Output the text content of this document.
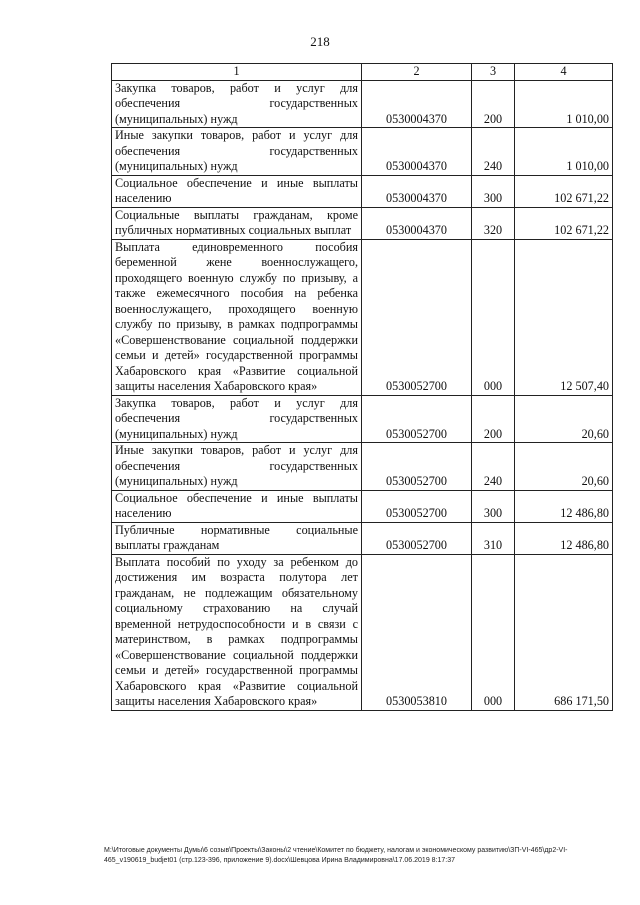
218
1	2	3	4
Закупка товаров, работ и услуг для обеспечения государственных (муниципальных) нужд	0530004370	200	1 010,00
Иные закупки товаров, работ и услуг для обеспечения государственных (муниципальных) нужд	0530004370	240	1 010,00
Социальное обеспечение и иные выплаты населению	0530004370	300	102 671,22
Социальные выплаты гражданам, кроме публичных нормативных социальных выплат	0530004370	320	102 671,22
Выплата единовременного пособия беременной жене военнослужащего, проходящего военную службу по призыву, а также ежемесячного пособия на ребенка военнослужащего, проходящего военную службу по призыву, в рамках подпрограммы «Совершенствование социальной поддержки семьи и детей» государственной программы Хабаровского края «Развитие социальной защиты населения Хабаровского края»	0530052700	000	12 507,40
Закупка товаров, работ и услуг для обеспечения государственных (муниципальных) нужд	0530052700	200	20,60
Иные закупки товаров, работ и услуг для обеспечения государственных (муниципальных) нужд	0530052700	240	20,60
Социальное обеспечение и иные выплаты населению	0530052700	300	12 486,80
Публичные нормативные социальные выплаты гражданам	0530052700	310	12 486,80
Выплата пособий по уходу за ребенком до достижения им возраста полутора лет гражданам, не подлежащим обязательному социальному страхованию на случай временной нетрудоспособности и в связи с материнством, в рамках подпрограммы «Совершенствование социальной поддержки семьи и детей» государственной программы Хабаровского края «Развитие социальной защиты населения Хабаровского края»	0530053810	000	686 171,50
M:\Итоговые документы Думы\6 созыв\Проекты\Законы\2 чтение\Комитет по бюджету, налогам и экономическому развитию\ЗП-VI-465\др2-VI-465_v190619_budjet01 (стр.123-396, приложение 9).docx\Шевцова Ирина Владимировна\17.06.2019 8:17:37
